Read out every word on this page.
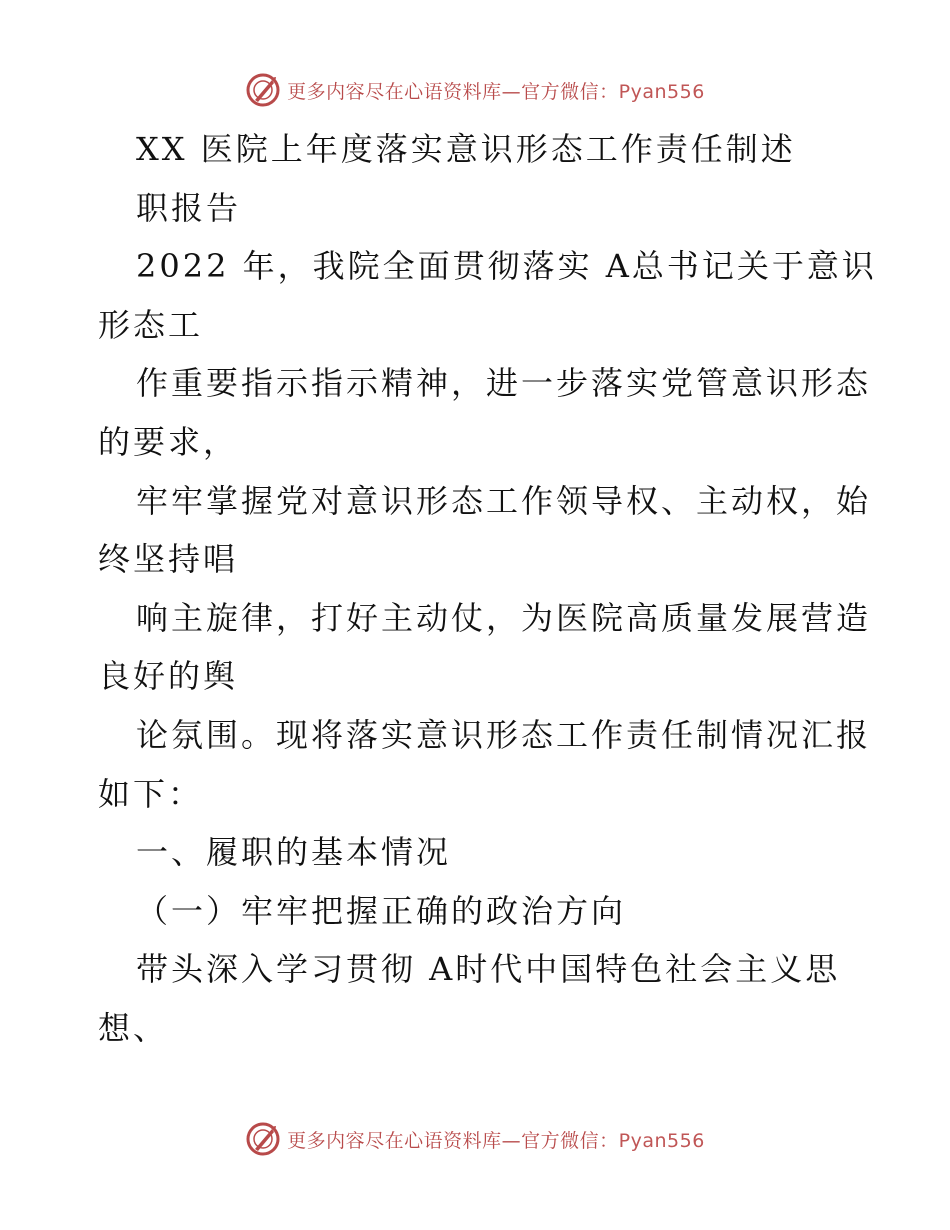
更多内容尽在心语资料库—官方微信：Pyan556
XX 医院上年度落实意识形态工作责任制述
职报告
2022 年，我院全面贯彻落实 A总书记关于意识
形态工
作重要指示指示精神，进一步落实党管意识形态
的要求，
牢牢掌握党对意识形态工作领导权、主动权，始
终坚持唱
响主旋律，打好主动仗，为医院高质量发展营造
良好的舆
论氛围。现将落实意识形态工作责任制情况汇报
如下：
一、履职的基本情况
（一）牢牢把握正确的政治方向
带头深入学习贯彻 A时代中国特色社会主义思
想、
更多内容尽在心语资料库—官方微信：Pyan556
